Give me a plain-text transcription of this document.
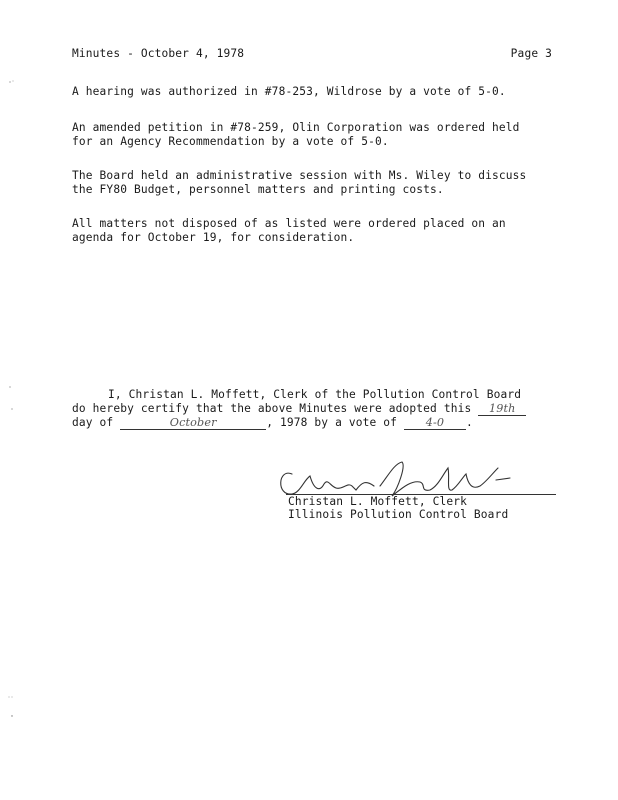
Minutes - October 4, 1978	Page 3
A hearing was authorized in #78-253, Wildrose by a vote of 5-0.
An amended petition in #78-259, Olin Corporation was ordered held
for an Agency Recommendation by a vote of 5-0.
The Board held an administrative session with Ms. Wiley to discuss
the FY80 Budget, personnel matters and printing costs.
All matters not disposed of as listed were ordered placed on an
agenda for October 19, for consideration.
I, Christan L. Moffett, Clerk of the Pollution Control Board
do hereby certify that the above Minutes were adopted this 19th
day of	October	, 1978 by a vote of	4-0 .
Christan L. Moffett, Clerk
Illinois Pollution Control Board
